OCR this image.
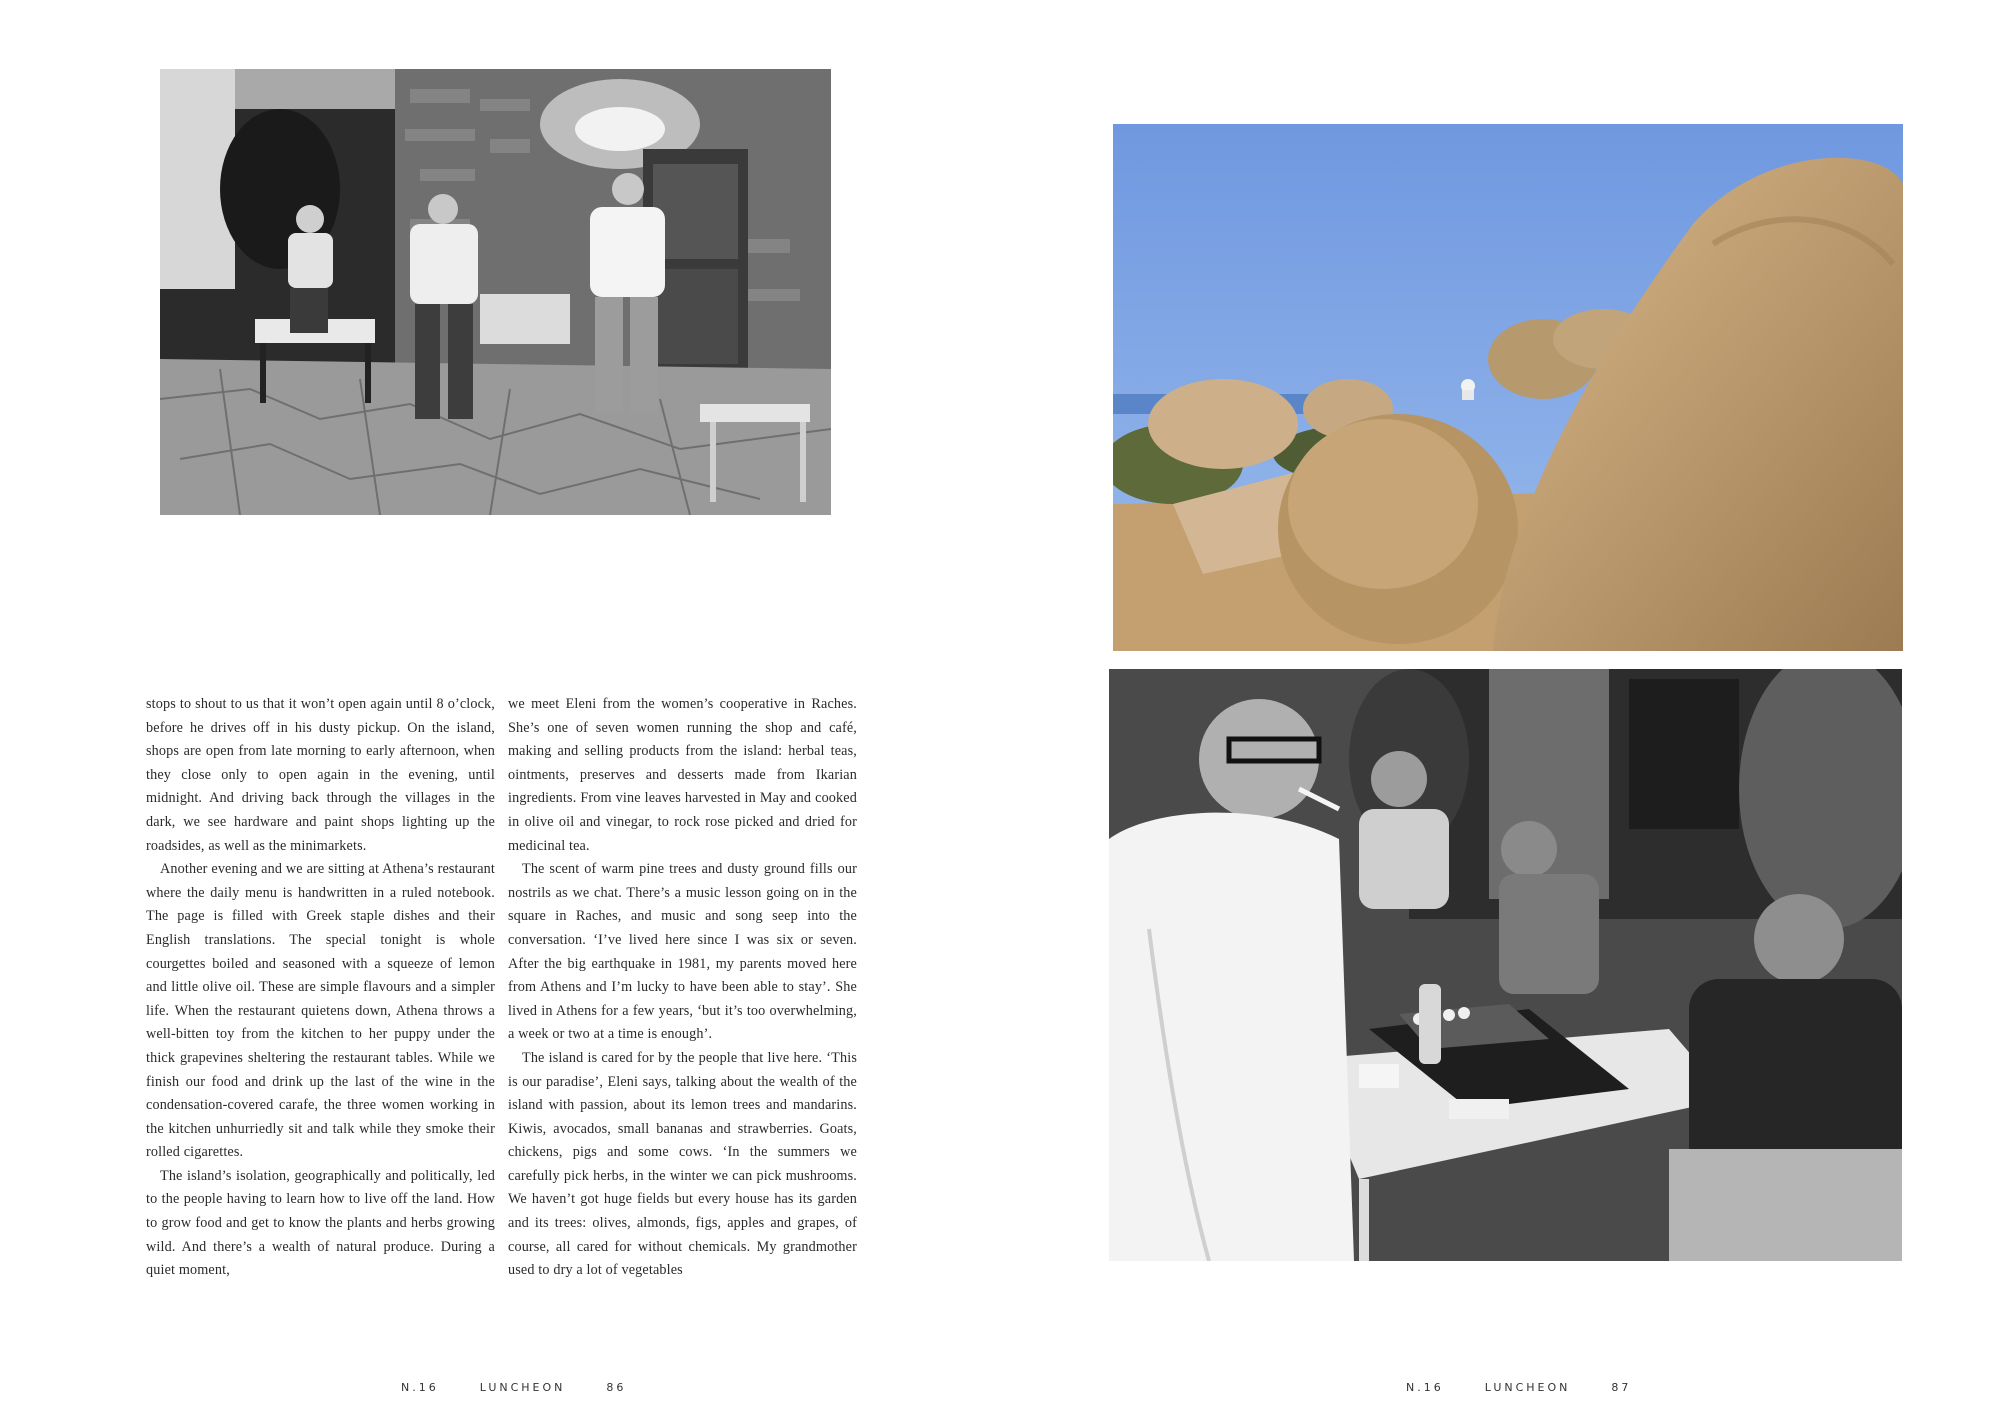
stops to shout to us that it won’t open again until 8 o’clock, before he drives off in his dusty pickup. On the island, shops are open from late morning to early afternoon, when they close only to open again in the evening, until midnight. And driving back through the villages in the dark, we see hardware and paint shops lighting up the roadsides, as well as the minimarkets.

Another evening and we are sitting at Athena’s restaurant where the daily menu is handwritten in a ruled notebook. The page is filled with Greek staple dishes and their English translations. The special tonight is whole courgettes boiled and seasoned with a squeeze of lemon and little olive oil. These are simple flavours and a simpler life. When the restaurant quietens down, Athena throws a well-bitten toy from the kitchen to her puppy under the thick grapevines sheltering the restaurant tables. While we finish our food and drink up the last of the wine in the condensation-covered carafe, the three women working in the kitchen unhurriedly sit and talk while they smoke their rolled cigarettes.

The island’s isolation, geographically and politically, led to the people having to learn how to live off the land. How to grow food and get to know the plants and herbs growing wild. And there’s a wealth of natural produce. During a quiet moment,

we meet Eleni from the women’s cooperative in Raches. She’s one of seven women running the shop and café, making and selling products from the island: herbal teas, ointments, preserves and desserts made from Ikarian ingredients. From vine leaves harvested in May and cooked in olive oil and vinegar, to rock rose picked and dried for medicinal tea.

The scent of warm pine trees and dusty ground fills our nostrils as we chat. There’s a music lesson going on in the square in Raches, and music and song seep into the conversation. ‘I’ve lived here since I was six or seven. After the big earthquake in 1981, my parents moved here from Athens and I’m lucky to have been able to stay’. She lived in Athens for a few years, ‘but it’s too overwhelming, a week or two at a time is enough’.

The island is cared for by the people that live here. ‘This is our paradise’, Eleni says, talking about the wealth of the island with passion, about its lemon trees and mandarins. Kiwis, avocados, small bananas and strawberries. Goats, chickens, pigs and some cows. ‘In the summers we carefully pick herbs, in the winter we can pick mushrooms. We haven’t got huge fields but every house has its garden and its trees: olives, almonds, figs, apples and grapes, of course, all cared for without chemicals. My grandmother used to dry a lot of vegetables

N.16	LUNCHEON	86	N.16	LUNCHEON	87
